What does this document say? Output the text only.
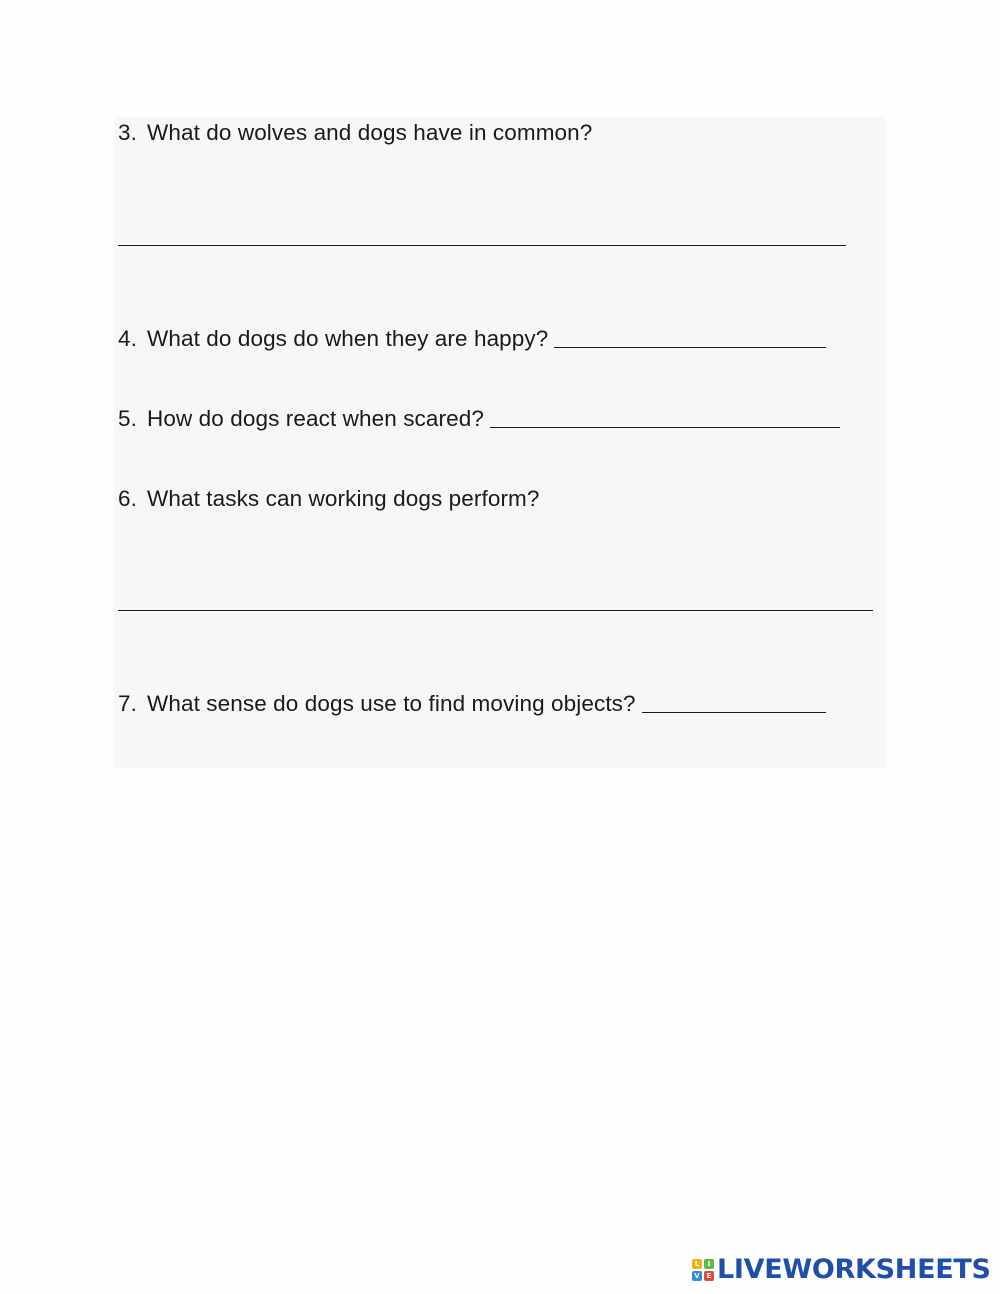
3. What do wolves and dogs have in common?
4. What do dogs do when they are happy?
5. How do dogs react when scared?
6. What tasks can working dogs perform?
7. What sense do dogs use to find moving objects?
L	I
V E LIVEWORKSHEETS
